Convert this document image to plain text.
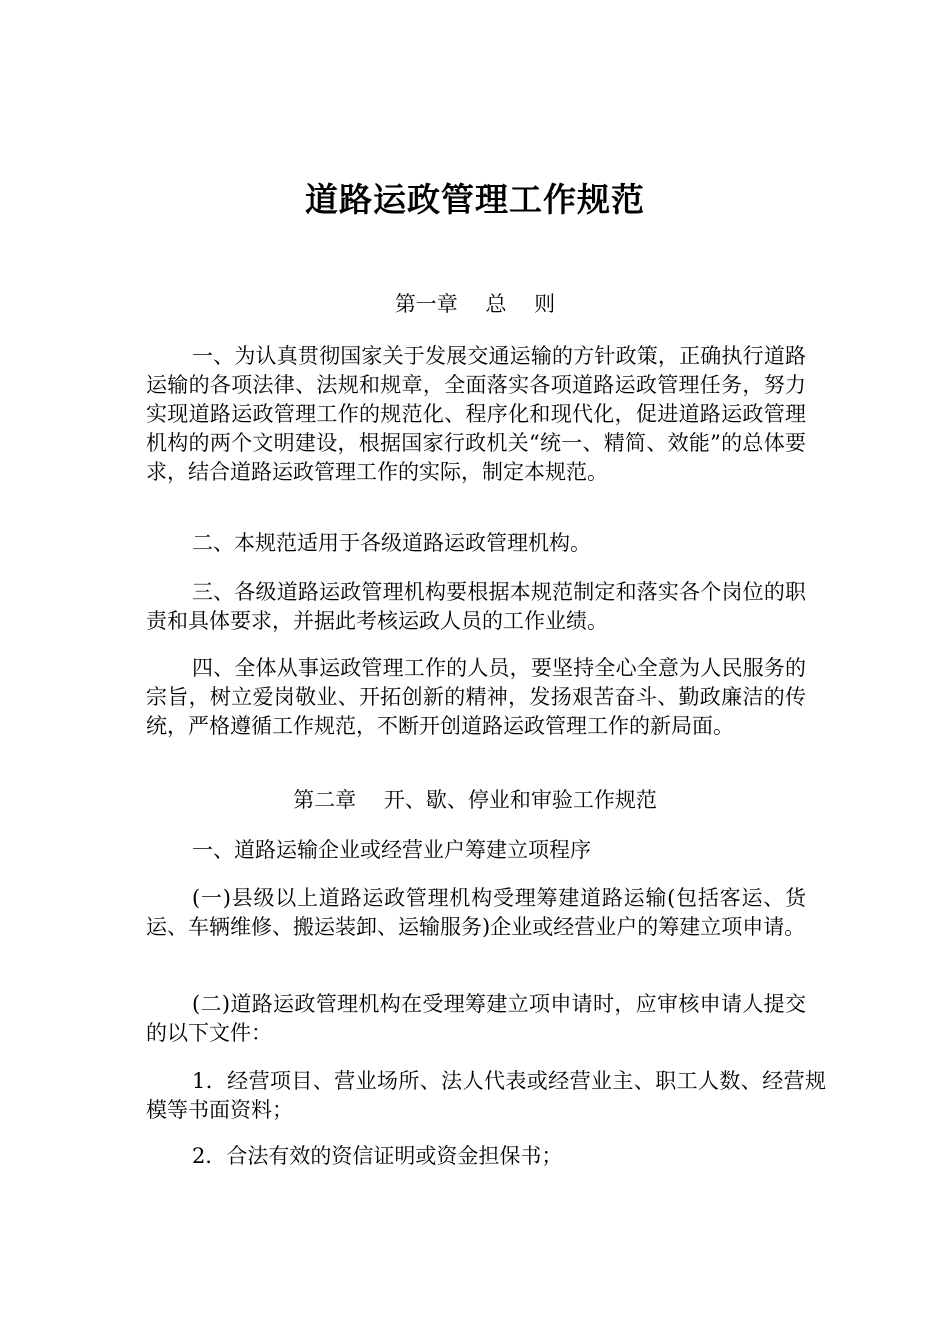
道路运政管理工作规范
第一章　 总　 则

一、为认真贯彻国家关于发展交通运输的方针政策，正确执行道路运输的各项法律、法规和规章，全面落实各项道路运政管理任务，努力实现道路运政管理工作的规范化、程序化和现代化，促进道路运政管理机构的两个文明建设，根据国家行政机关“统一、精简、效能”的总体要求，结合道路运政管理工作的实际，制定本规范。

二、本规范适用于各级道路运政管理机构。

三、各级道路运政管理机构要根据本规范制定和落实各个岗位的职责和具体要求，并据此考核运政人员的工作业绩。

四、全体从事运政管理工作的人员，要坚持全心全意为人民服务的宗旨，树立爱岗敬业、开拓创新的精神，发扬艰苦奋斗、勤政廉洁的传统，严格遵循工作规范，不断开创道路运政管理工作的新局面。

第二章　 开、歇、停业和审验工作规范

一、道路运输企业或经营业户筹建立项程序

(一)县级以上道路运政管理机构受理筹建道路运输(包括客运、货运、车辆维修、搬运装卸、运输服务)企业或经营业户的筹建立项申请。

(二)道路运政管理机构在受理筹建立项申请时，应审核申请人提交的以下文件：

1．经营项目、营业场所、法人代表或经营业主、职工人数、经营规模等书面资料；

2．合法有效的资信证明或资金担保书；
